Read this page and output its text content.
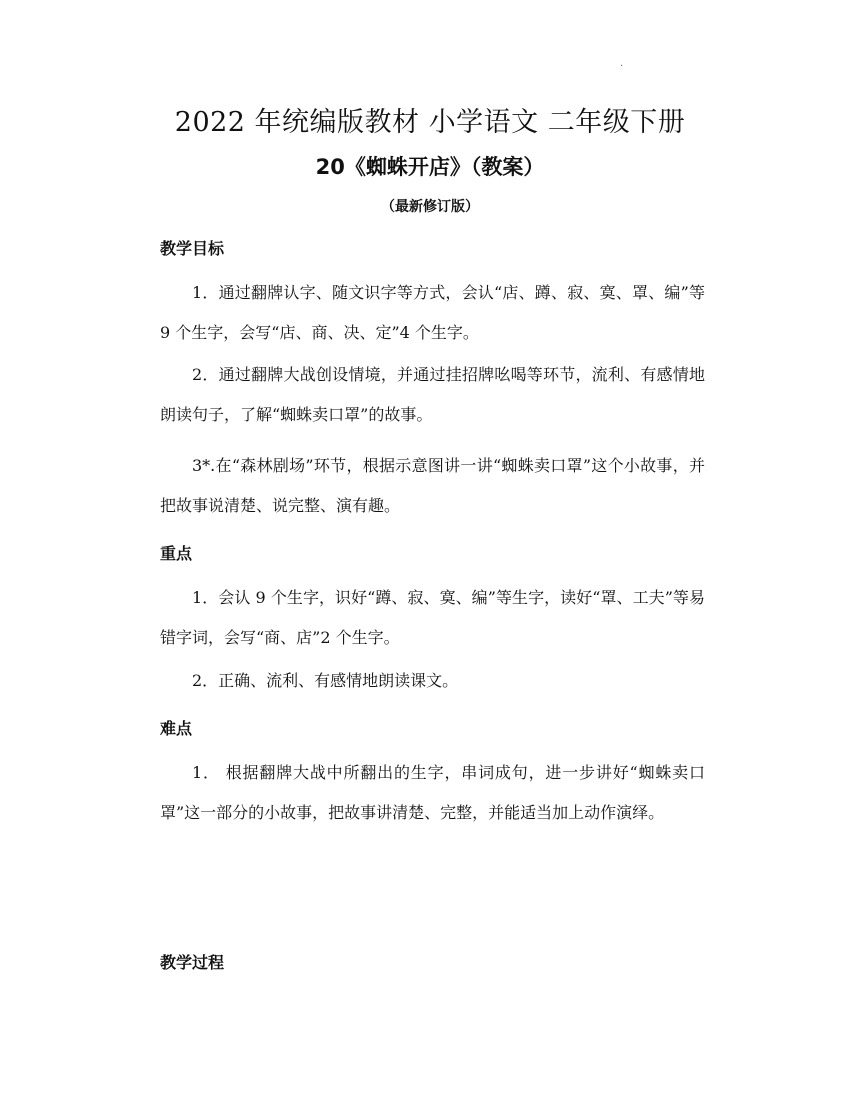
.
2022 年统编版教材 小学语文 二年级下册
20《蜘蛛开店》（教案）
（最新修订版）
教学目标

1．通过翻牌认字、随文识字等方式，会认“店、蹲、寂、寞、罩、编”等 9 个生字，会写“店、商、决、定”4 个生字。

2．通过翻牌大战创设情境，并通过挂招牌吆喝等环节，流利、有感情地朗读句子，了解“蜘蛛卖口罩”的故事。

3*.在“森林剧场”环节，根据示意图讲一讲“蜘蛛卖口罩”这个小故事，并把故事说清楚、说完整、演有趣。

重点

1．会认 9 个生字，识好“蹲、寂、寞、编”等生字，读好“罩、工夫”等易错字词，会写“商、店”2 个生字。

2．正确、流利、有感情地朗读课文。

难点

1． 根据翻牌大战中所翻出的生字，串词成句，进一步讲好“蜘蛛卖口罩”这一部分的小故事，把故事讲清楚、完整，并能适当加上动作演绎。

教学过程
